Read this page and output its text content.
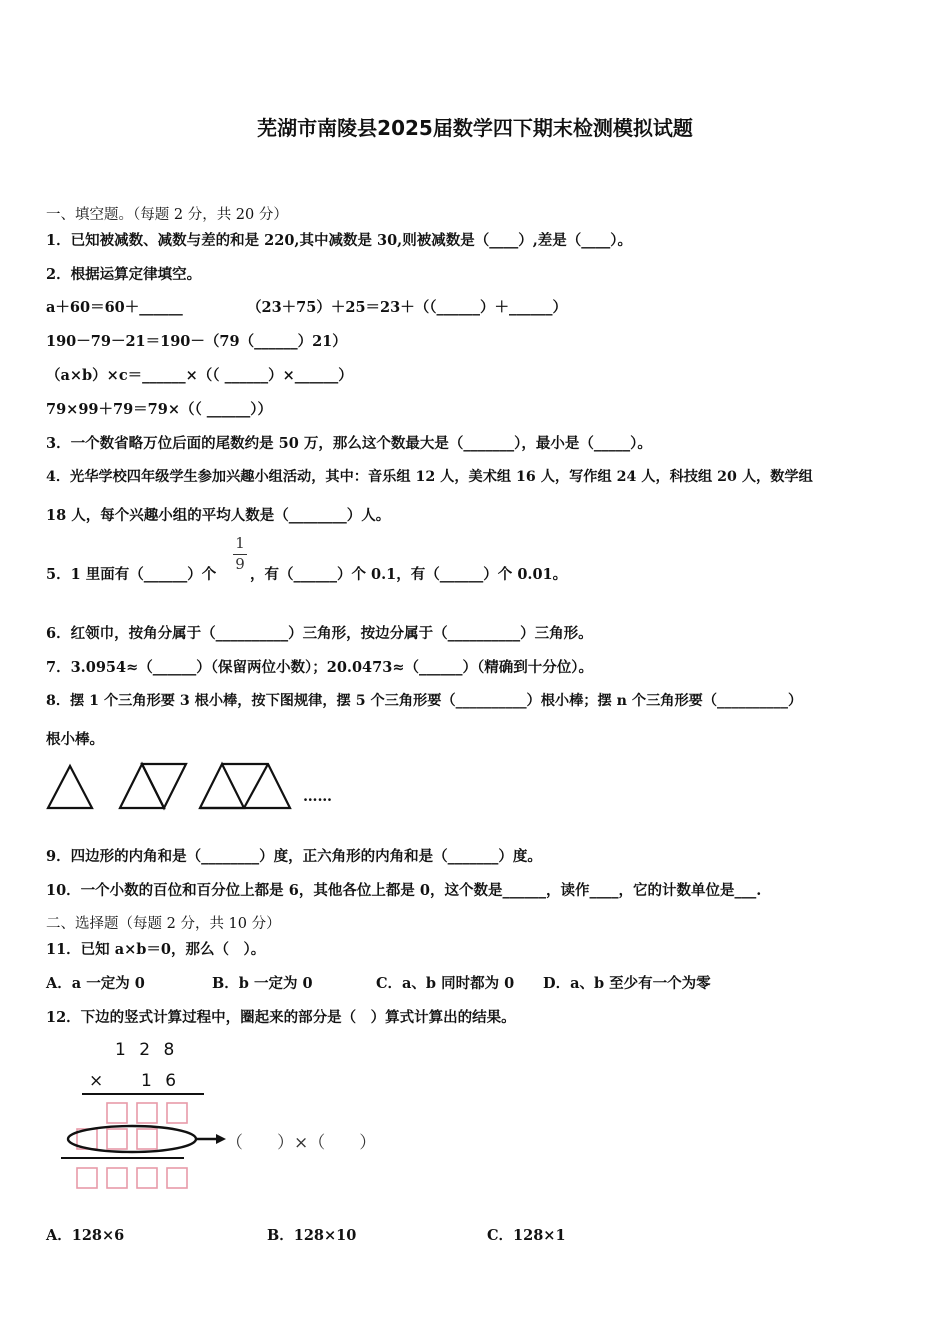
芜湖市南陵县2025届数学四下期末检测模拟试题
一、填空题。（每题 2 分，共 20 分）
1．已知被减数、减数与差的和是 220,其中减数是 30,则被减数是（____）,差是（____）。
2．根据运算定律填空。
a＋60＝60＋______	（23＋75）＋25＝23＋（（______）＋______）
190－79－21＝190－（79（______）21）
（a×b）×c＝______×（（ ______）×______）
79×99＋79＝79×（（ ______））
3．一个数省略万位后面的尾数约是 50 万，那么这个数最大是（_______），最小是（_____）。
4．光华学校四年级学生参加兴趣小组活动，其中：音乐组 12 人，美术组 16 人，写作组 24 人，科技组 20 人，数学组
18 人，每个兴趣小组的平均人数是（________）人。
5．1 里面有（______）个
1
9
，有（______）个 0.1，有（______）个 0.01。
6．红领巾，按角分属于（__________）三角形，按边分属于（__________）三角形。
7．3.0954≈（______）（保留两位小数）；20.0473≈（______）（精确到十分位）。
8．摆 1 个三角形要 3 根小棒，按下图规律，摆 5 个三角形要（__________）根小棒；摆 n 个三角形要（__________）
根小棒。
……
9．四边形的内角和是（________）度，正六角形的内角和是（_______）度。
10．一个小数的百位和百分位上都是 6，其他各位上都是 0，这个数是______，读作____，它的计数单位是___.
二、选择题（每题 2 分，共 10 分）
11．已知 a×b＝0，那么（　）。
A．a 一定为 0	B．b 一定为 0	C．a、b 同时都为 0 D．a、b 至少有一个为零
12．下边的竖式计算过程中，圈起来的部分是（　）算式计算出的结果。
1 2 8
× 1 6
（　　）×（　　）
A．128×6	B．128×10	C．128×1
